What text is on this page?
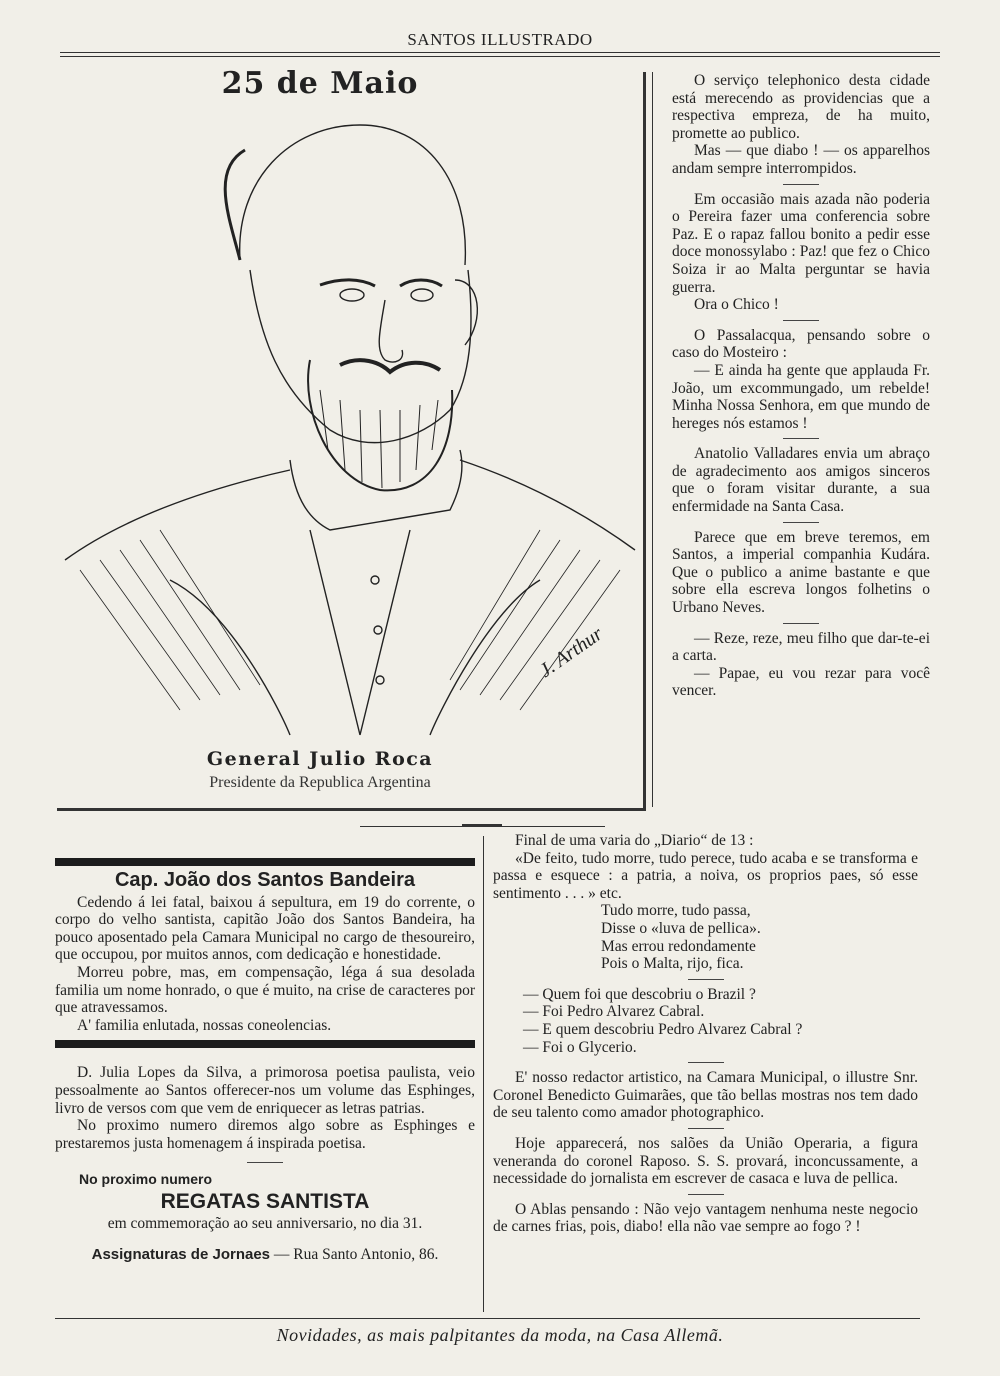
SANTOS ILLUSTRADO
25 de Maio
J. Arthur
General Julio Roca
Presidente da Republica Argentina

O serviço telephonico desta cidade está merecendo as providencias que a respectiva empreza, de ha muito, promette ao publico.

Mas — que diabo ! — os apparelhos andam sempre interrompidos.

Em occasião mais azada não poderia o Pereira fazer uma conferencia sobre Paz. E o rapaz fallou bonito a pedir esse doce monossylabo : Paz! que fez o Chico Soiza ir ao Malta perguntar se havia guerra.

Ora o Chico !

O Passalacqua, pensando sobre o caso do Mosteiro :

— E ainda ha gente que applauda Fr. João, um excommungado, um rebelde! Minha Nossa Senhora, em que mundo de hereges nós estamos !

Anatolio Valladares envia um abraço de agradecimento aos amigos sinceros que o foram visitar durante, a sua enfermidade na Santa Casa.

Parece que em breve teremos, em Santos, a imperial companhia Kudára. Que o publico a anime bastante e que sobre ella escreva longos folhetins o Urbano Neves.

— Reze, reze, meu filho que dar-te-ei a carta.

— Papae, eu vou rezar para você vencer.

Cap. João dos Santos Bandeira

Cedendo á lei fatal, baixou á sepultura, em 19 do corrente, o corpo do velho santista, capitão João dos Santos Bandeira, ha pouco aposentado pela Camara Municipal no cargo de thesoureiro, que occupou, por muitos annos, com dedicação e honestidade.

Morreu pobre, mas, em compensação, léga á sua desolada familia um nome honrado, o que é muito, na crise de caracteres por que atravessamos.

A' familia enlutada, nossas coneolencias.

D. Julia Lopes da Silva, a primorosa poetisa paulista, veio pessoalmente ao Santos offerecer-nos um volume das Esphinges, livro de versos com que vem de enriquecer as letras patrias.

No proximo numero diremos algo sobre as Esphinges e prestaremos justa homenagem á inspirada poetisa.

No proximo numero
REGATAS SANTISTA

em commemoração ao seu anniversario, no dia 31.

Assignaturas de Jornaes — Rua Santo Antonio, 86.

Final de uma varia do „Diario“ de 13 :

«De feito, tudo morre, tudo perece, tudo acaba e se transforma e passa e esquece : a patria, a noiva, os proprios paes, só esse sentimento . . . » etc.

Tudo morre, tudo passa,

Disse o «luva de pellica».

Mas errou redondamente

Pois o Malta, rijo, fica.

— Quem foi que descobriu o Brazil ?

— Foi Pedro Alvarez Cabral.

— E quem descobriu Pedro Alvarez Cabral ?

— Foi o Glycerio.

E' nosso redactor artistico, na Camara Municipal, o illustre Snr. Coronel Benedicto Guimarães, que tão bellas mostras nos tem dado de seu talento como amador photographico.

Hoje apparecerá, nos salões da União Operaria, a figura veneranda do coronel Raposo. S. S. provará, inconcussamente, a necessidade do jornalista em escrever de casaca e luva de pellica.

O Ablas pensando : Não vejo vantagem nenhuma neste negocio de carnes frias, pois, diabo! ella não vae sempre ao fogo ? !

Novidades, as mais palpitantes da moda, na Casa Allemã.
